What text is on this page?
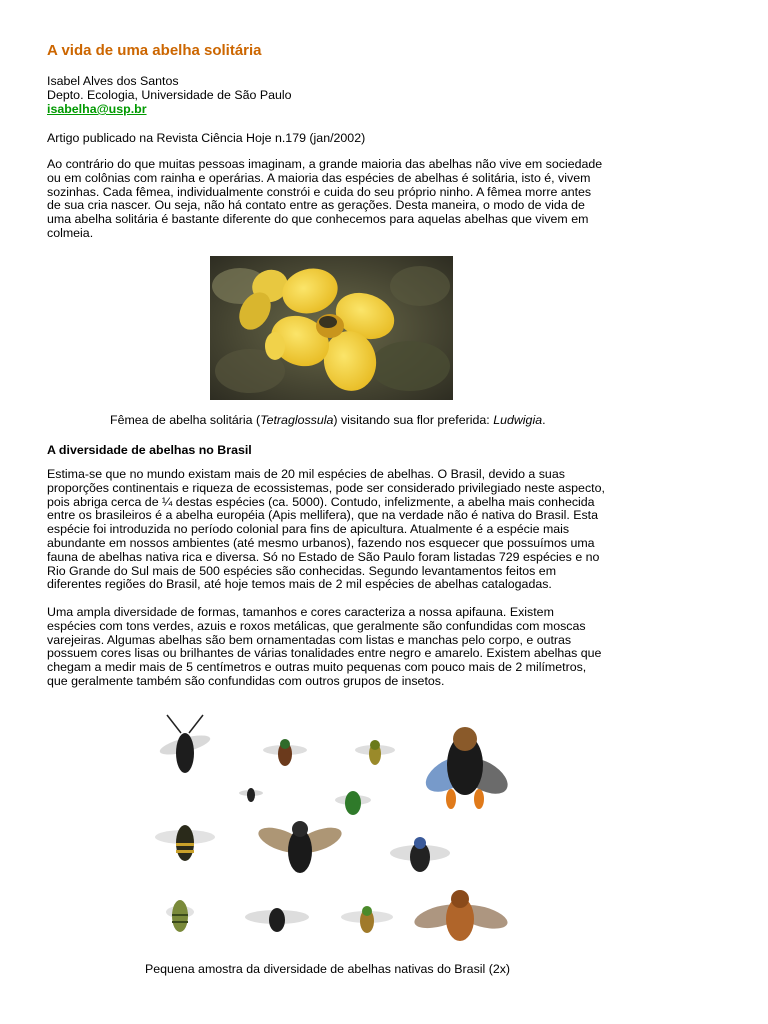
A vida de uma abelha solitária
Isabel Alves dos Santos
Depto. Ecologia, Universidade de São Paulo
isabelha@usp.br
Artigo publicado na Revista Ciência Hoje n.179 (jan/2002)

Ao contrário do que muitas pessoas imaginam, a grande maioria das abelhas não vive em sociedade
ou em colônias com rainha e operárias. A maioria das espécies de abelhas é solitária, isto é, vivem
sozinhas. Cada fêmea, individualmente constrói e cuida do seu próprio ninho. A fêmea morre antes
de sua cria nascer. Ou seja, não há contato entre as gerações. Desta maneira, o modo de vida de
uma abelha solitária é bastante diferente do que conhecemos para aquelas abelhas que vivem em
colmeia.

Fêmea de abelha solitária (Tetraglossula) visitando sua flor preferida: Ludwigia.
A diversidade de abelhas no Brasil

Estima-se que no mundo existam mais de 20 mil espécies de abelhas. O Brasil, devido a suas
proporções continentais e riqueza de ecossistemas, pode ser considerado privilegiado neste aspecto,
pois abriga cerca de ¼ destas espécies (ca. 5000). Contudo, infelizmente, a abelha mais conhecida
entre os brasileiros é a abelha européia (Apis mellifera), que na verdade não é nativa do Brasil. Esta
espécie foi introduzida no período colonial para fins de apicultura. Atualmente é a espécie mais
abundante em nossos ambientes (até mesmo urbanos), fazendo nos esquecer que possuímos uma
fauna de abelhas nativa rica e diversa. Só no Estado de São Paulo foram listadas 729 espécies e no
Rio Grande do Sul mais de 500 espécies são conhecidas. Segundo levantamentos feitos em
diferentes regiões do Brasil, até hoje temos mais de 2 mil espécies de abelhas catalogadas.

Uma ampla diversidade de formas, tamanhos e cores caracteriza a nossa apifauna. Existem
espécies com tons verdes, azuis e roxos metálicas, que geralmente são confundidas com moscas
varejeiras. Algumas abelhas são bem ornamentadas com listas e manchas pelo corpo, e outras
possuem cores lisas ou brilhantes de várias tonalidades entre negro e amarelo. Existem abelhas que
chegam a medir mais de 5 centímetros e outras muito pequenas com pouco mais de 2 milímetros,
que geralmente também são confundidas com outros grupos de insetos.

Pequena amostra da diversidade de abelhas nativas do Brasil (2x)
